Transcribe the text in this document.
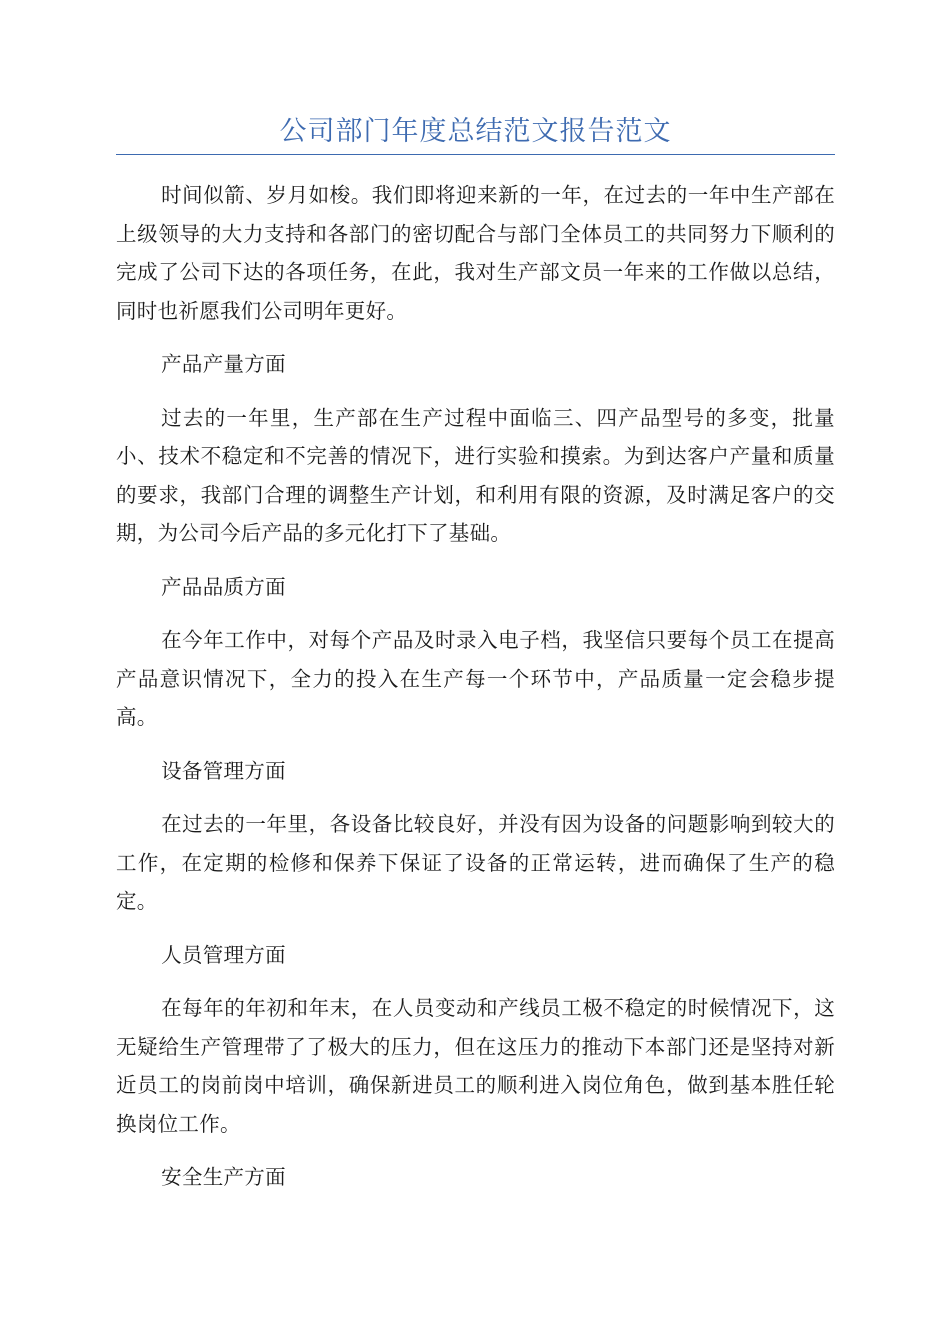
公司部门年度总结范文报告范文

时间似箭、岁月如梭。我们即将迎来新的一年，在过去的一年中生产部在上级领导的大力支持和各部门的密切配合与部门全体员工的共同努力下顺利的完成了公司下达的各项任务，在此，我对生产部文员一年来的工作做以总结，同时也祈愿我们公司明年更好。

产品产量方面

过去的一年里，生产部在生产过程中面临三、四产品型号的多变，批量小、技术不稳定和不完善的情况下，进行实验和摸索。为到达客户产量和质量的要求，我部门合理的调整生产计划，和利用有限的资源，及时满足客户的交期，为公司今后产品的多元化打下了基础。

产品品质方面

在今年工作中，对每个产品及时录入电子档，我坚信只要每个员工在提高产品意识情况下，全力的投入在生产每一个环节中，产品质量一定会稳步提高。

设备管理方面

在过去的一年里，各设备比较良好，并没有因为设备的问题影响到较大的工作，在定期的检修和保养下保证了设备的正常运转，进而确保了生产的稳定。

人员管理方面

在每年的年初和年末，在人员变动和产线员工极不稳定的时候情况下，这无疑给生产管理带了了极大的压力，但在这压力的推动下本部门还是坚持对新近员工的岗前岗中培训，确保新进员工的顺利进入岗位角色，做到基本胜任轮换岗位工作。

安全生产方面
